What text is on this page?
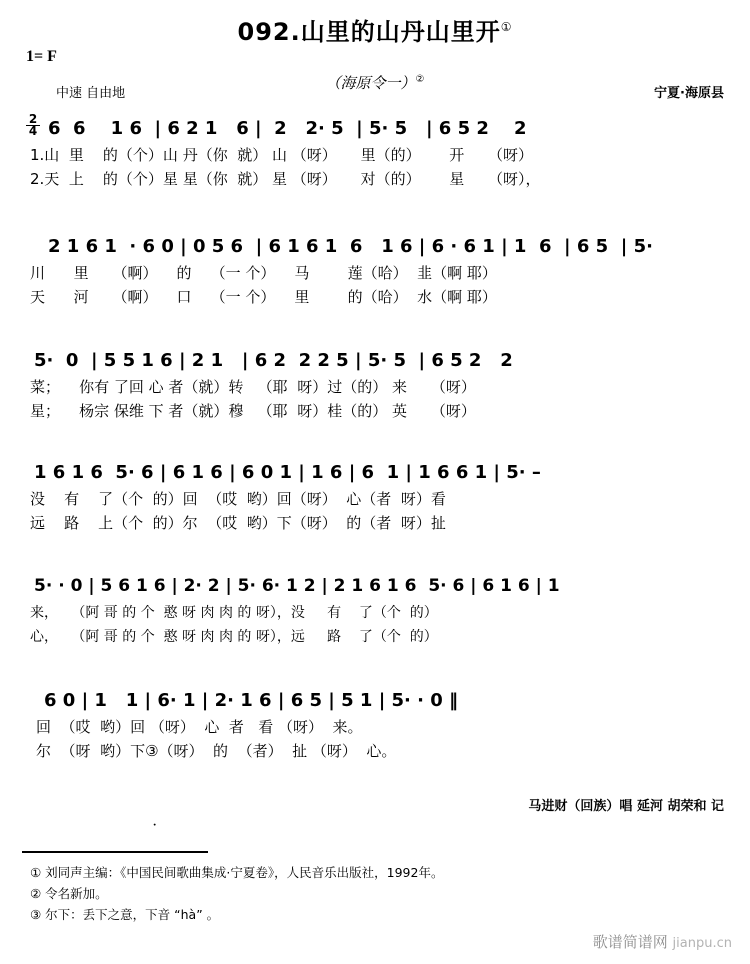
092.山里的山丹山里开①
1= F
中速 自由地
（海原令一）②
宁夏·海原县
2
4 6  6    1 6  | 6 2 1   6 |  2   2· 5  | 5· 5   | 6 5 2    2
1.山  里    的（个）山 丹（你  就） 山 （呀）     里（的）      开     （呀）
2.天  上    的（个）星 星（你  就） 星 （呀）     对（的）      星     （呀），
2 1 6 1  · 6 0 | 0 5 6  | 6 1 6 1  6   1 6 | 6 · 6 1 | 1  6  | 6 5  | 5·
川      里     （啊）    的    （一 个）    马        莲（哈）  韭（啊 耶）
天      河     （啊）    口    （一 个）    里        的（哈）  水（啊 耶）
5·  0  | 5 5 1 6 | 2 1   | 6 2  2 2 5 | 5· 5  | 6 5 2   2
菜；    你有 了回 心 者（就）转   （耶  呀）过（的） 来     （呀）
星；    杨宗 保维 下 者（就）穆   （耶  呀）桂（的） 英     （呀）
1 6 1 6  5· 6 | 6 1 6 | 6 0 1 | 1 6 | 6  1 | 1 6 6 1 | 5· –
没    有    了（个  的）回  （哎  哟）回（呀）  心（者  呀）看
远    路    上（个  的）尔  （哎  哟）下（呀）  的（者  呀）扯
5· · 0 | 5 6 1 6 | 2· 2 | 5· 6· 1 2 | 2 1 6 1 6  5· 6 | 6 1 6 | 1
来，   （阿 哥 的 个  憨 呀 肉 肉 的 呀），没     有    了（个  的）
心，   （阿 哥 的 个  憨 呀 肉 肉 的 呀），远     路    了（个  的）
6 0 | 1   1 | 6· 1 | 2· 1 6 | 6 5 | 5 1 | 5· · 0 ‖
回  （哎  哟）回 （呀）  心  者   看 （呀）  来。
尔  （呀  哟）下③（呀）  的  （者）  扯 （呀）  心。
马进财（回族）唱 延河 胡荣和 记
·
① 刘同声主编：《中国民间歌曲集成·宁夏卷》，人民音乐出版社，1992年。
② 令名新加。
③ 尔下：丢下之意，下音 “hà” 。
歌谱简谱网 jianpu.cn
